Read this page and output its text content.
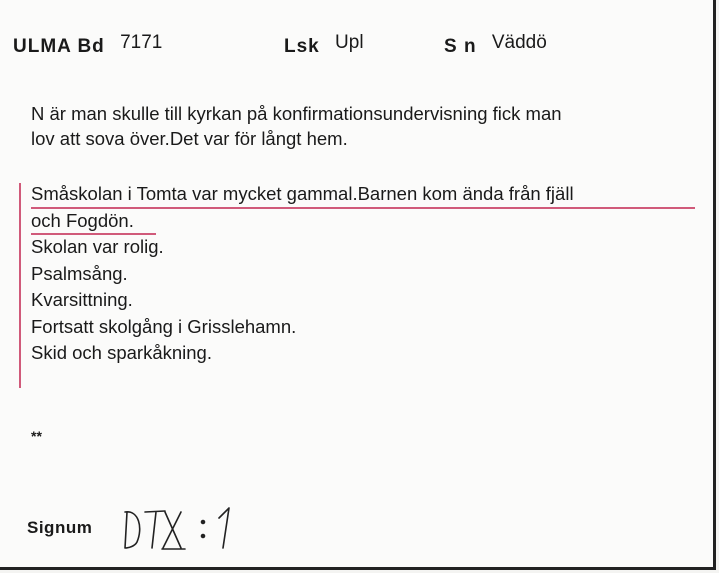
ULMA Bd 7171	Lsk Upl	S n Väddö
N är man skulle till kyrkan på konfirmationsundervisning fick man
lov att sova över.Det var för långt hem.
Småskolan i Tomta var mycket gammal.Barnen kom ända från fjäll
och Fogdön.
Skolan var rolig.
Psalmsång.
Kvarsittning.
Fortsatt skolgång i Grisslehamn.
Skid och sparkåkning.
**
Signum
